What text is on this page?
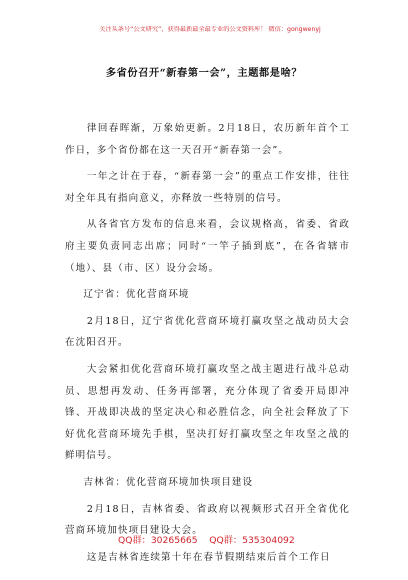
关注头条号“公文研究”，获得最新最全最专业的公文资料库！ 微信：gongwenyj
多省份召开“新春第一会”，主题都是啥？

律回春晖渐，万象始更新。2月18日，农历新年首个工作日，多个省份都在这一天召开“新春第一会”。

一年之计在于春，“新春第一会”的重点工作安排，往往对全年具有指向意义，亦释放一些特别的信号。

从各省官方发布的信息来看，会议规格高，省委、省政府主要负责同志出席；同时“一竿子插到底”，在各省辖市（地）、县（市、区）设分会场。

辽宁省：优化营商环境

2月18日，辽宁省优化营商环境打赢攻坚之战动员大会在沈阳召开。

大会紧扣优化营商环境打赢攻坚之战主题进行战斗总动员、思想再发动、任务再部署，充分体现了省委开局即冲锋、开战即决战的坚定决心和必胜信念，向全社会释放了下好优化营商环境先手棋，坚决打好打赢攻坚之年攻坚之战的鲜明信号。

吉林省：优化营商环境加快项目建设

2月18日，吉林省委、省政府以视频形式召开全省优化营商环境加快项目建设大会。

这是吉林省连续第十年在春节假期结束后首个工作日

QQ群：30265665    QQ群：535304092
